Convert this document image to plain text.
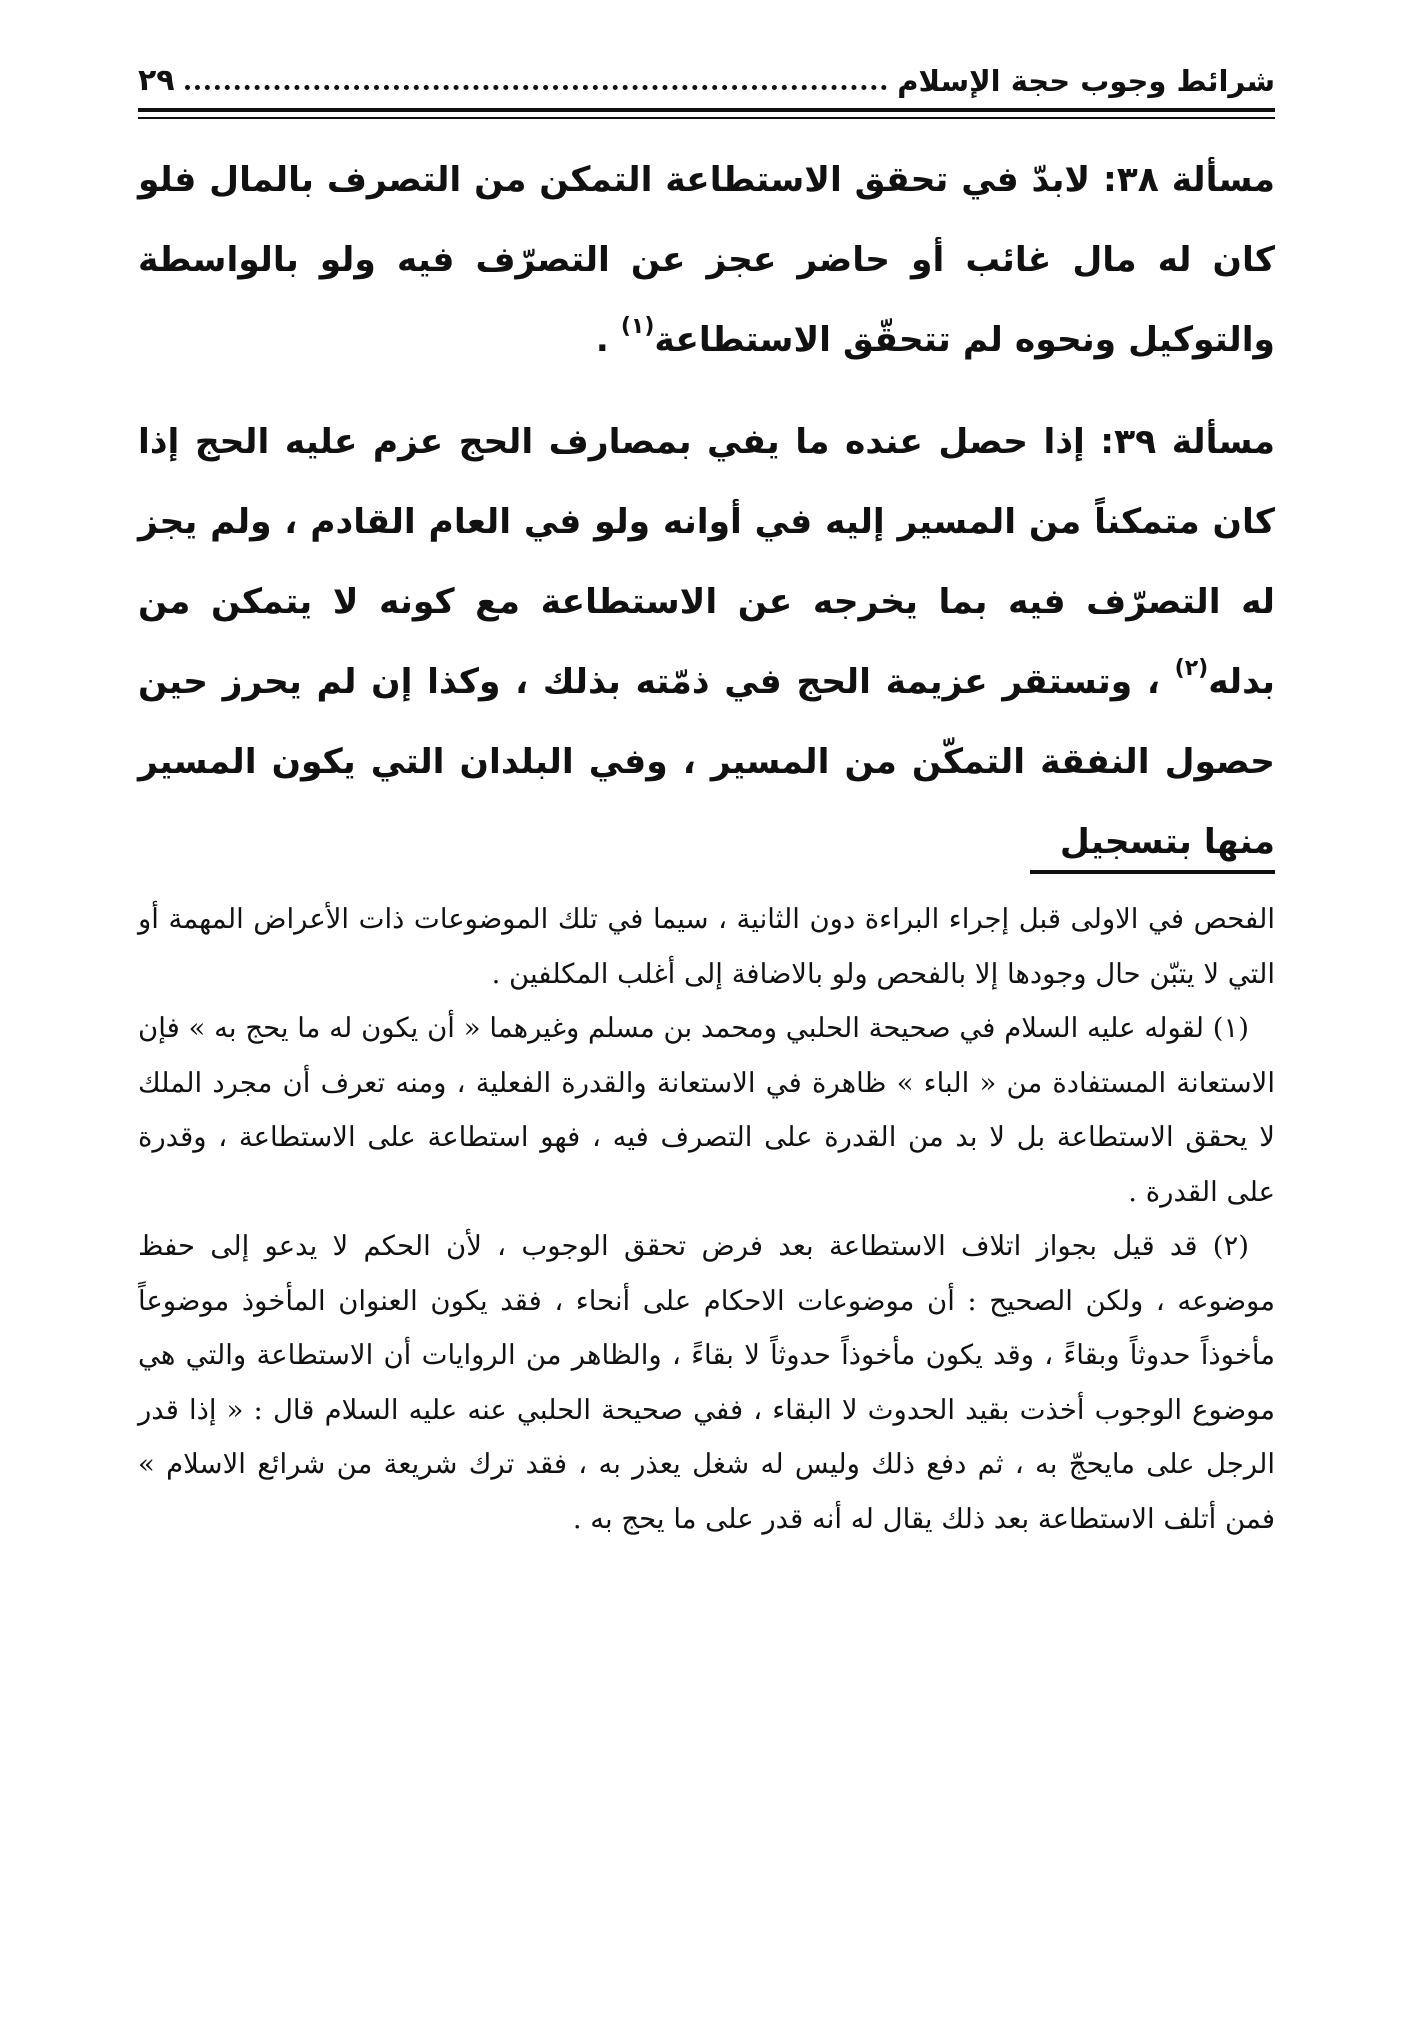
شرائط وجوب حجة الإسلام
٢٩

مسألة ٣٨: لابدّ في تحقق الاستطاعة التمكن من التصرف بالمال فلو كان له مال غائب أو حاضر عجز عن التصرّف فيه ولو بالواسطة والتوكيل ونحوه لم تتحقّق الاستطاعة$^{(١)}$ .

مسألة ٣٩: إذا حصل عنده ما يفي بمصارف الحج عزم عليه الحج إذا كان متمكناً من المسير إليه في أوانه ولو في العام القادم ، ولم يجز له التصرّف فيه بما يخرجه عن الاستطاعة مع كونه لا يتمكن من بدله$^{(٢)}$ ، وتستقر عزيمة الحج في ذمّته بذلك ، وكذا إن لم يحرز حين حصول النفقة التمكّن من المسير ، وفي البلدان التي يكون المسير منها بتسجيل

الفحص في الاولى قبل إجراء البراءة دون الثانية ، سيما في تلك الموضوعات ذات الأعراض المهمة أو التي لا يتبّن حال وجودها إلا بالفحص ولو بالاضافة إلى أغلب المكلفين .

(١) لقوله عليه السلام في صحيحة الحلبي ومحمد بن مسلم وغيرهما « أن يكون له ما يحج به » فإن الاستعانة المستفادة من « الباء » ظاهرة في الاستعانة والقدرة الفعلية ، ومنه تعرف أن مجرد الملك لا يحقق الاستطاعة بل لا بد من القدرة على التصرف فيه ، فهو استطاعة على الاستطاعة ، وقدرة على القدرة .

(٢) قد قيل بجواز اتلاف الاستطاعة بعد فرض تحقق الوجوب ، لأن الحكم لا يدعو إلى حفظ موضوعه ، ولكن الصحيح : أن موضوعات الاحكام على أنحاء ، فقد يكون العنوان المأخوذ موضوعاً مأخوذاً حدوثاً وبقاءً ، وقد يكون مأخوذاً حدوثاً لا بقاءً ، والظاهر من الروايات أن الاستطاعة والتي هي موضوع الوجوب أخذت بقيد الحدوث لا البقاء ، ففي صحيحة الحلبي عنه عليه السلام قال : « إذا قدر الرجل على مايحجّ به ، ثم دفع ذلك وليس له شغل يعذر به ، فقد ترك شريعة من شرائع الاسلام » فمن أتلف الاستطاعة بعد ذلك يقال له أنه قدر على ما يحج به .
